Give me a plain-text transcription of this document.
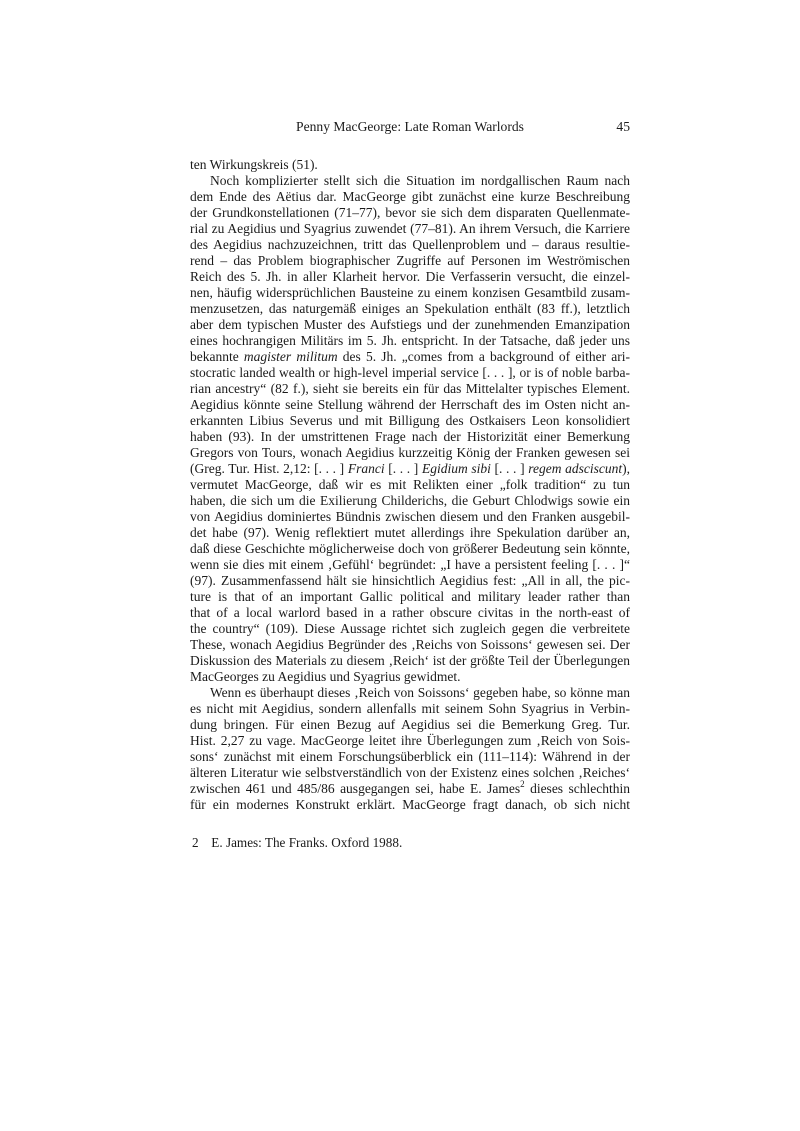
Penny MacGeorge: Late Roman Warlords	45
ten Wirkungskreis (51).
Noch komplizierter stellt sich die Situation im nordgallischen Raum nach
dem Ende des Aëtius dar. MacGeorge gibt zunächst eine kurze Beschreibung
der Grundkonstellationen (71–77), bevor sie sich dem disparaten Quellenmate-
rial zu Aegidius und Syagrius zuwendet (77–81). An ihrem Versuch, die Karriere
des Aegidius nachzuzeichnen, tritt das Quellenproblem und – daraus resultie-
rend – das Problem biographischer Zugriffe auf Personen im Weströmischen
Reich des 5. Jh. in aller Klarheit hervor. Die Verfasserin versucht, die einzel-
nen, häufig widersprüchlichen Bausteine zu einem konzisen Gesamtbild zusam-
menzusetzen, das naturgemäß einiges an Spekulation enthält (83 ff.), letztlich
aber dem typischen Muster des Aufstiegs und der zunehmenden Emanzipation
eines hochrangigen Militärs im 5. Jh. entspricht. In der Tatsache, daß jeder uns
bekannte magister militum des 5. Jh. „comes from a background of either ari-
stocratic landed wealth or high-level imperial service [. . . ], or is of noble barba-
rian ancestry“ (82 f.), sieht sie bereits ein für das Mittelalter typisches Element.
Aegidius könnte seine Stellung während der Herrschaft des im Osten nicht an-
erkannten Libius Severus und mit Billigung des Ostkaisers Leon konsolidiert
haben (93). In der umstrittenen Frage nach der Historizität einer Bemerkung
Gregors von Tours, wonach Aegidius kurzzeitig König der Franken gewesen sei
(Greg. Tur. Hist. 2,12: [. . . ] Franci [. . . ] Egidium sibi [. . . ] regem adsciscunt),
vermutet MacGeorge, daß wir es mit Relikten einer „folk tradition“ zu tun
haben, die sich um die Exilierung Childerichs, die Geburt Chlodwigs sowie ein
von Aegidius dominiertes Bündnis zwischen diesem und den Franken ausgebil-
det habe (97). Wenig reflektiert mutet allerdings ihre Spekulation darüber an,
daß diese Geschichte möglicherweise doch von größerer Bedeutung sein könnte,
wenn sie dies mit einem ‚Gefühl‘ begründet: „I have a persistent feeling [. . . ]“
(97). Zusammenfassend hält sie hinsichtlich Aegidius fest: „All in all, the pic-
ture is that of an important Gallic political and military leader rather than
that of a local warlord based in a rather obscure civitas in the north-east of
the country“ (109). Diese Aussage richtet sich zugleich gegen die verbreitete
These, wonach Aegidius Begründer des ‚Reichs von Soissons‘ gewesen sei. Der
Diskussion des Materials zu diesem ‚Reich‘ ist der größte Teil der Überlegungen
MacGeorges zu Aegidius und Syagrius gewidmet.
Wenn es überhaupt dieses ‚Reich von Soissons‘ gegeben habe, so könne man
es nicht mit Aegidius, sondern allenfalls mit seinem Sohn Syagrius in Verbin-
dung bringen. Für einen Bezug auf Aegidius sei die Bemerkung Greg. Tur.
Hist. 2,27 zu vage. MacGeorge leitet ihre Überlegungen zum ‚Reich von Sois-
sons‘ zunächst mit einem Forschungsüberblick ein (111–114): Während in der
älteren Literatur wie selbstverständlich von der Existenz eines solchen ‚Reiches‘
zwischen 461 und 485/86 ausgegangen sei, habe E. James$^2$ dieses schlechthin
für ein modernes Konstrukt erklärt. MacGeorge fragt danach, ob sich nicht
2 E. James: The Franks. Oxford 1988.
